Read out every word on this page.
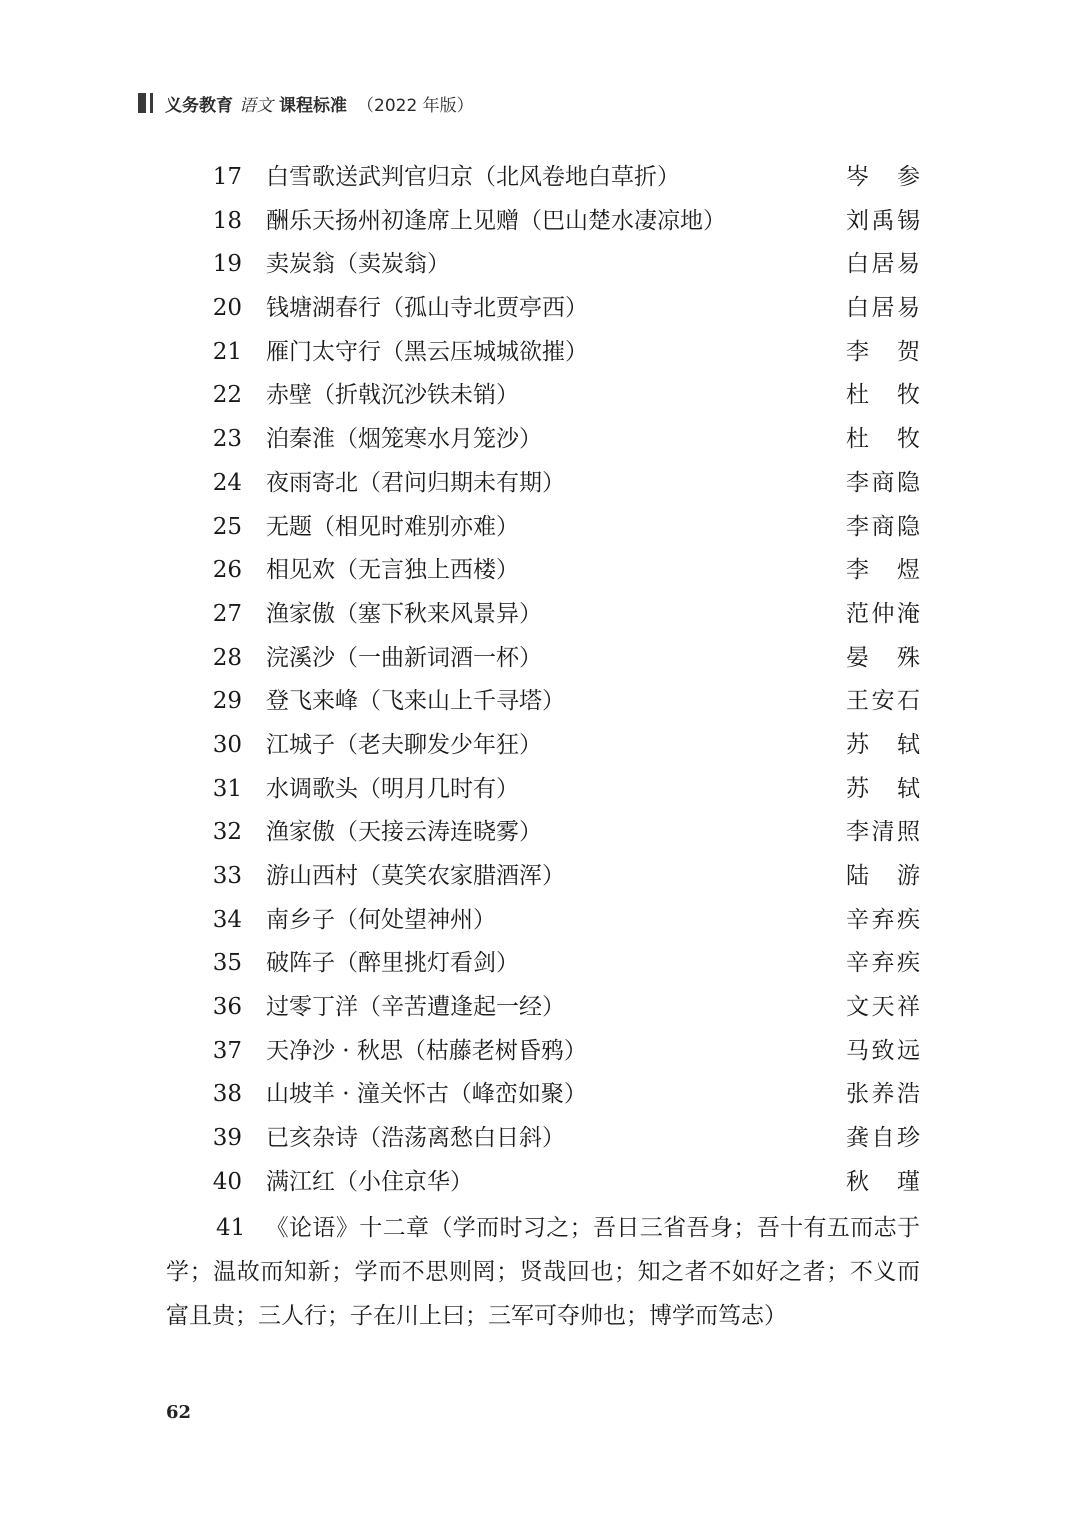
义务教育 语文 课程标准 （2022 年版）
17 白雪歌送武判官归京（北风卷地白草折）	岑 参
18 酬乐天扬州初逢席上见赠（巴山楚水凄凉地）	刘禹锡
19 卖炭翁（卖炭翁）	白居易
20 钱塘湖春行（孤山寺北贾亭西）	白居易
21 雁门太守行（黑云压城城欲摧）	李 贺
22 赤壁（折戟沉沙铁未销）	杜 牧
23 泊秦淮（烟笼寒水月笼沙）	杜 牧
24 夜雨寄北（君问归期未有期）	李商隐
25 无题（相见时难别亦难）	李商隐
26 相见欢（无言独上西楼）	李 煜
27 渔家傲（塞下秋来风景异）	范仲淹
28 浣溪沙（一曲新词酒一杯）	晏 殊
29 登飞来峰（飞来山上千寻塔）	王安石
30 江城子（老夫聊发少年狂）	苏 轼
31 水调歌头（明月几时有）	苏 轼
32 渔家傲（天接云涛连晓雾）	李清照
33 游山西村（莫笑农家腊酒浑）	陆 游
34 南乡子（何处望神州）	辛弃疾
35 破阵子（醉里挑灯看剑）	辛弃疾
36 过零丁洋（辛苦遭逢起一经）	文天祥
37 天净沙 · 秋思（枯藤老树昏鸦）	马致远
38 山坡羊 · 潼关怀古（峰峦如聚）	张养浩
39 已亥杂诗（浩荡离愁白日斜）	龚自珍
40 满江红（小住京华）	秋 瑾

41 《论语》十二章（学而时习之；吾日三省吾身；吾十有五而志于学；温故而知新；学而不思则罔；贤哉回也；知之者不如好之者；不义而富且贵；三人行；子在川上曰；三军可夺帅也；博学而笃志）

62
